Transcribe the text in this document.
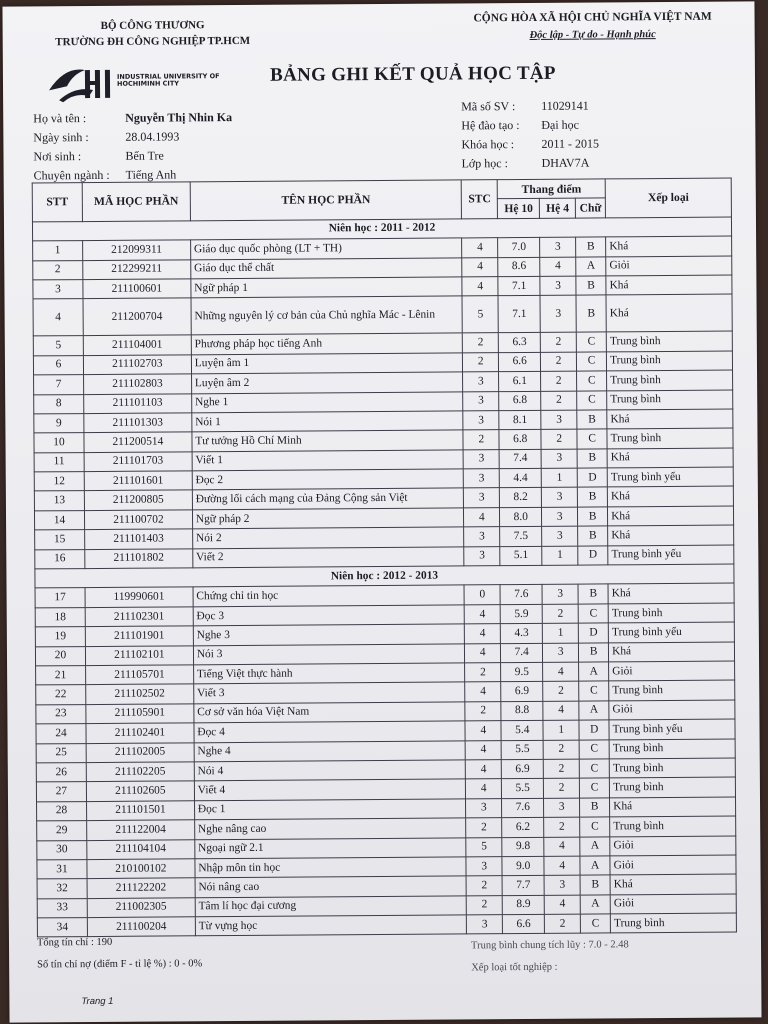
BỘ CÔNG THƯƠNG
TRƯỜNG ĐH CÔNG NGHIỆP TP.HCM
CỘNG HÒA XÃ HỘI CHỦ NGHĨA VIỆT NAM
Độc lập - Tự do - Hạnh phúc
INDUSTRIAL UNIVERSITY OF HOCHIMINH CITY	BẢNG GHI KẾT QUẢ HỌC TẬP
Họ và tên :	Nguyễn Thị Nhin Ka
Ngày sinh :	28.04.1993
Nơi sinh :	Bến Tre
Chuyên ngành : Tiếng Anh
Mã số SV : 11029141
Hệ đào tạo : Đại học
Khóa học : 2011 - 2015
Lớp học :	DHAV7A
STT	MÃ HỌC PHẦN	TÊN HỌC PHẦN	STC	Thang điểm			Xếp loại
				Hệ 10	Hệ 4	Chữ	
Niên học : 2011 - 2012							
1	212099311	Giáo dục quốc phòng (LT + TH)	4	7.0	3	B	Khá
2	212299211	Giáo dục thể chất	4	8.6	4	A	Giỏi
3	211100601	Ngữ pháp 1	4	7.1	3	B	Khá
4	211200704	Những nguyên lý cơ bản của Chủ nghĩa Mác - Lênin	5	7.1	3	B	Khá
5	211104001	Phương pháp học tiếng Anh	2	6.3	2	C	Trung bình
6	211102703	Luyện âm 1	2	6.6	2	C	Trung bình
7	211102803	Luyện âm 2	3	6.1	2	C	Trung bình
8	211101103	Nghe 1	3	6.8	2	C	Trung bình
9	211101303	Nói 1	3	8.1	3	B	Khá
10	211200514	Tư tưởng Hồ Chí Minh	2	6.8	2	C	Trung bình
11	211101703	Viết 1	3	7.4	3	B	Khá
12	211101601	Đọc 2	3	4.4	1	D	Trung bình yếu
13	211200805	Đường lối cách mạng của Đảng Cộng sản Việt	3	8.2	3	B	Khá
14	211100702	Ngữ pháp 2	4	8.0	3	B	Khá
15	211101403	Nói 2	3	7.5	3	B	Khá
16	211101802	Viết 2	3	5.1	1	D	Trung bình yếu
Niên học : 2012 - 2013							
17	119990601	Chứng chỉ tin học	0	7.6	3	B	Khá
18	211102301	Đọc 3	4	5.9	2	C	Trung bình
19	211101901	Nghe 3	4	4.3	1	D	Trung bình yếu
20	211102101	Nói 3	4	7.4	3	B	Khá
21	211105701	Tiếng Việt thực hành	2	9.5	4	A	Giỏi
22	211102502	Viết 3	4	6.9	2	C	Trung bình
23	211105901	Cơ sở văn hóa Việt Nam	2	8.8	4	A	Giỏi
24	211102401	Đọc 4	4	5.4	1	D	Trung bình yếu
25	211102005	Nghe 4	4	5.5	2	C	Trung bình
26	211102205	Nói 4	4	6.9	2	C	Trung bình
27	211102605	Viết 4	4	5.5	2	C	Trung bình
28	211101501	Đọc 1	3	7.6	3	B	Khá
29	211122004	Nghe nâng cao	2	6.2	2	C	Trung bình
30	211104104	Ngoại ngữ 2.1	5	9.8	4	A	Giỏi
31	210100102	Nhập môn tin học	3	9.0	4	A	Giỏi
32	211122202	Nói nâng cao	2	7.7	3	B	Khá
33	211002305	Tâm lí học đại cương	2	8.9	4	A	Giỏi
34	211100204	Từ vựng học	3	6.6	2	C	Trung bình
Tổng tín chỉ : 190
Số tín chỉ nợ (điểm F - tỉ lệ %) : 0 - 0%
Trung bình chung tích lũy : 7.0 - 2.48
Xếp loại tốt nghiệp :
Trang 1
